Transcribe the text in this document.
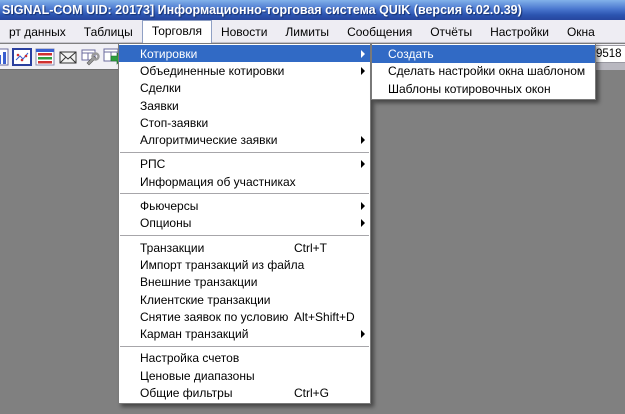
SIGNAL-COM UID: 20173] Информационно-торговая система QUIK (версия 6.02.0.39)
рт данных	Таблицы	Торговля	Новости	Лимиты	Сообщения	Отчёты	Настройки	Окна
9518
Котировки
Объединенные котировки
Сделки
Заявки
Стоп-заявки
Алгоритмические заявки
РПС
Информация об участниках
Фьючерсы
Опционы
Транзакции	Ctrl+T
Импорт транзакций из файла
Внешние транзакции
Клиентские транзакции
Снятие заявок по условию Alt+Shift+D
Карман транзакций
Настройка счетов
Ценовые диапазоны
Общие фильтры	Ctrl+G
Создать
Сделать настройки окна шаблоном
Шаблоны котировочных окон
